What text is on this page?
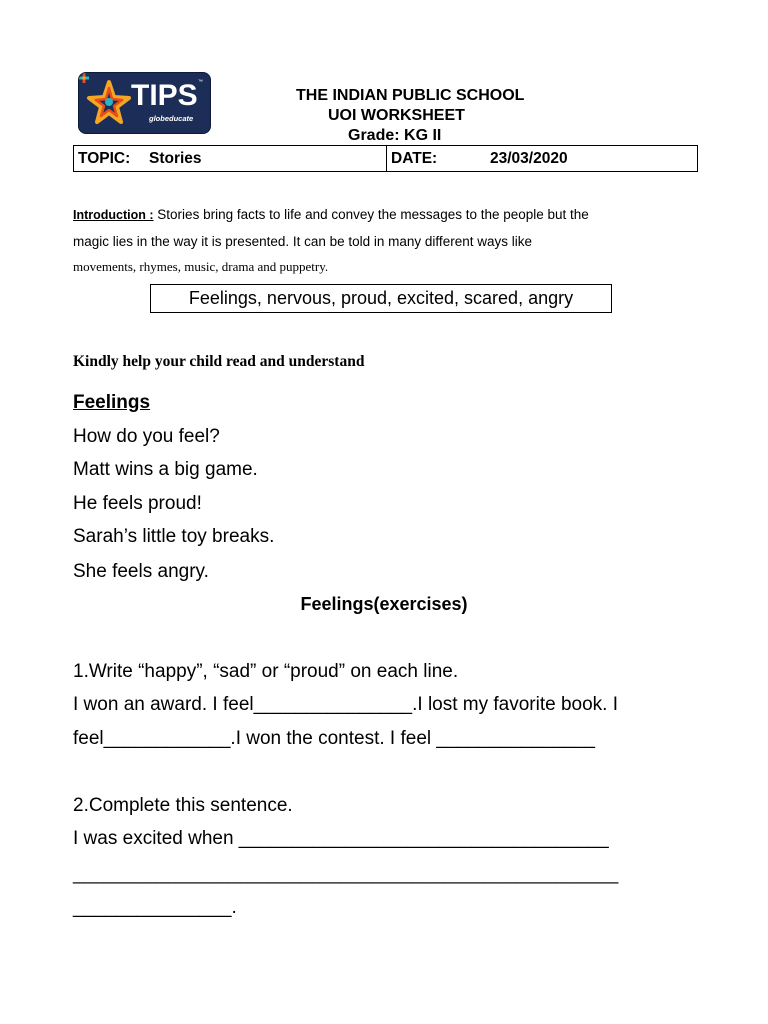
TIPS ™
globeducate
THE INDIAN PUBLIC SCHOOL
UOI WORKSHEET
Grade: KG II
TOPIC: Stories	DATE:	23/03/2020
Introduction : Stories bring facts to life and convey the messages to the people but the
magic lies in the way it is presented. It can be told in many different ways like
movements, rhymes, music, drama and puppetry.
Feelings, nervous, proud, excited, scared, angry
Kindly help your child read and understand
Feelings
How do you feel?
Matt wins a big game.
He feels proud!
Sarah’s little toy breaks.
She feels angry.
Feelings(exercises)
1.Write “happy”, “sad” or “proud” on each line.
I won an award. I feel_______________.I lost my favorite book. I
feel____________.I won the contest. I feel _______________
2.Complete this sentence.
I was excited when ___________________________________
_____________________________________________________
_______________.
